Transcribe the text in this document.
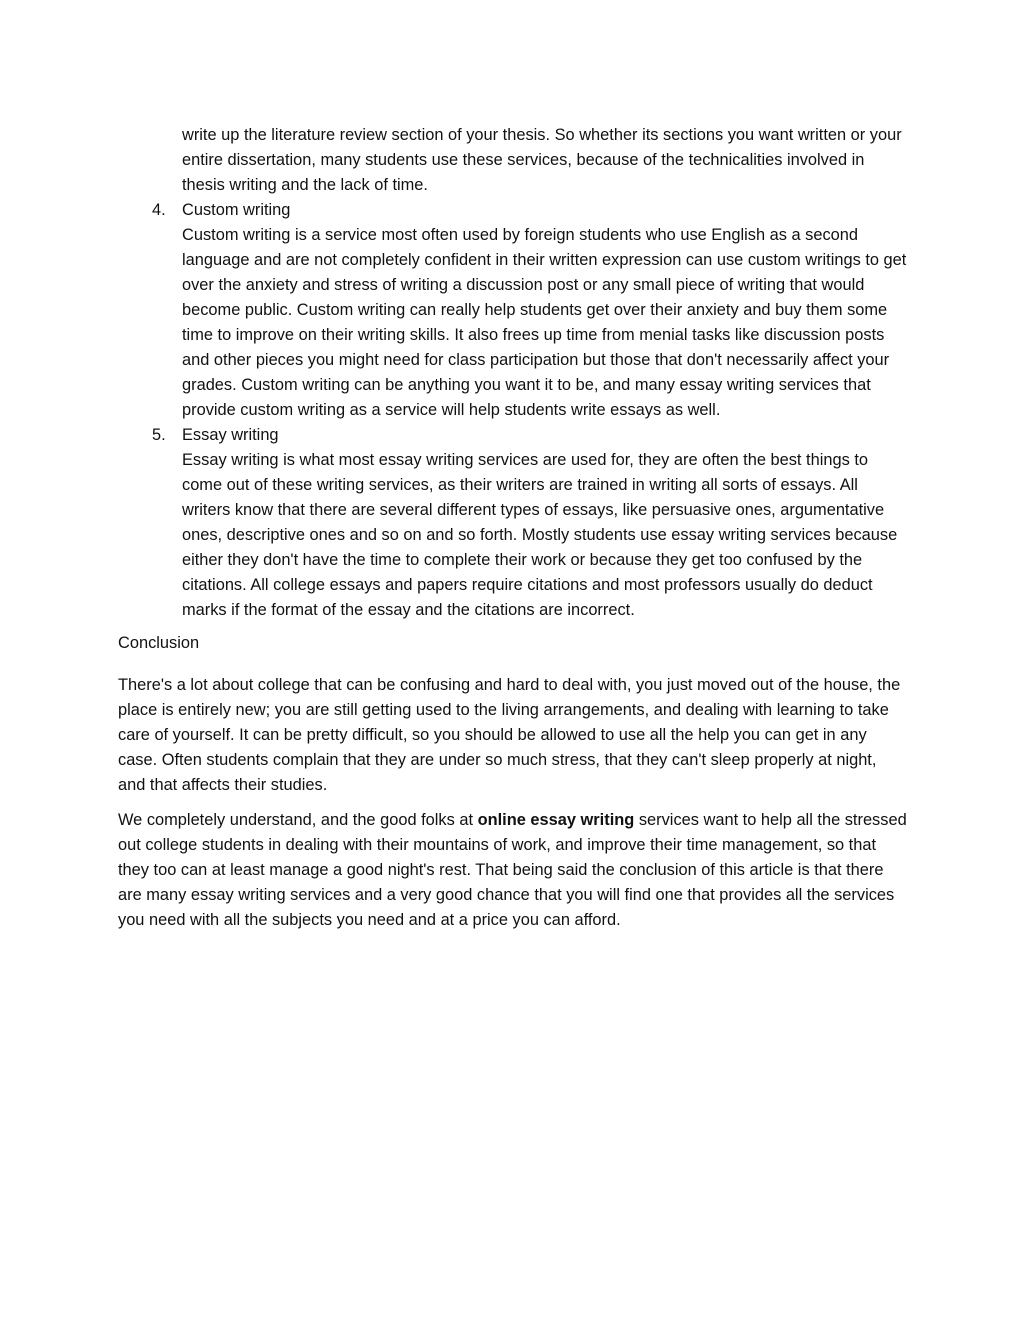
write up the literature review section of your thesis. So whether its sections you want written or your entire dissertation, many students use these services, because of the technicalities involved in thesis writing and the lack of time.
4. Custom writing
Custom writing is a service most often used by foreign students who use English as a second language and are not completely confident in their written expression can use custom writings to get over the anxiety and stress of writing a discussion post or any small piece of writing that would become public. Custom writing can really help students get over their anxiety and buy them some time to improve on their writing skills. It also frees up time from menial tasks like discussion posts and other pieces you might need for class participation but those that don't necessarily affect your grades. Custom writing can be anything you want it to be, and many essay writing services that provide custom writing as a service will help students write essays as well.
5. Essay writing
Essay writing is what most essay writing services are used for, they are often the best things to come out of these writing services, as their writers are trained in writing all sorts of essays. All writers know that there are several different types of essays, like persuasive ones, argumentative ones, descriptive ones and so on and so forth. Mostly students use essay writing services because either they don't have the time to complete their work or because they get too confused by the citations. All college essays and papers require citations and most professors usually do deduct marks if the format of the essay and the citations are incorrect.
Conclusion

There's a lot about college that can be confusing and hard to deal with, you just moved out of the house, the place is entirely new; you are still getting used to the living arrangements, and dealing with learning to take care of yourself. It can be pretty difficult, so you should be allowed to use all the help you can get in any case. Often students complain that they are under so much stress, that they can't sleep properly at night, and that affects their studies.

We completely understand, and the good folks at online essay writing services want to help all the stressed out college students in dealing with their mountains of work, and improve their time management, so that they too can at least manage a good night's rest. That being said the conclusion of this article is that there are many essay writing services and a very good chance that you will find one that provides all the services you need with all the subjects you need and at a price you can afford.
